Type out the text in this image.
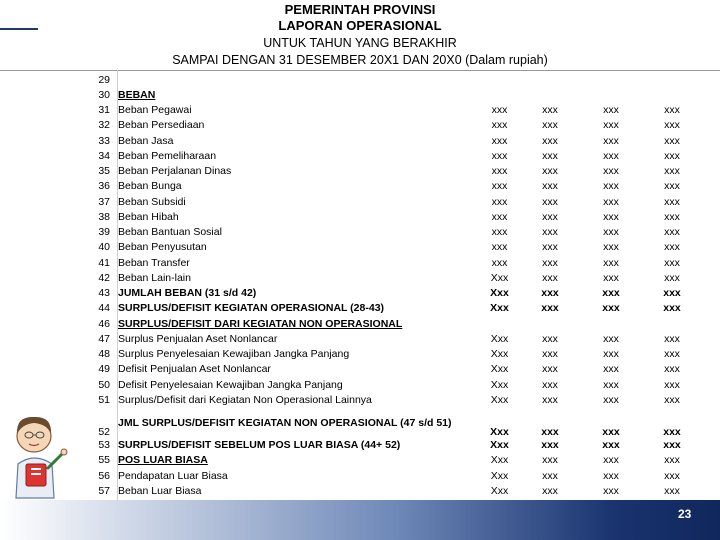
PEMERINTAH PROVINSI
LAPORAN OPERASIONAL
UNTUK TAHUN YANG BERAKHIR
SAMPAI DENGAN 31 DESEMBER 20X1 DAN 20X0 (Dalam rupiah)
29					
30	BEBAN				
31	Beban Pegawai	xxx	xxx	xxx	xxx
32	Beban Persediaan	xxx	xxx	xxx	xxx
33	Beban Jasa	xxx	xxx	xxx	xxx
34	Beban Pemeliharaan	xxx	xxx	xxx	xxx
35	Beban Perjalanan Dinas	xxx	xxx	xxx	xxx
36	Beban Bunga	xxx	xxx	xxx	xxx
37	Beban Subsidi	xxx	xxx	xxx	xxx
38	Beban Hibah	xxx	xxx	xxx	xxx
39	Beban Bantuan Sosial	xxx	xxx	xxx	xxx
40	Beban Penyusutan	xxx	xxx	xxx	xxx
41	Beban Transfer	xxx	xxx	xxx	xxx
42	Beban Lain-lain	Xxx	xxx	xxx	xxx
43	JUMLAH BEBAN (31 s/d 42)	Xxx	xxx	xxx	xxx
44	SURPLUS/DEFISIT KEGIATAN OPERASIONAL (28-43)	Xxx	xxx	xxx	xxx
46	SURPLUS/DEFISIT DARI KEGIATAN NON OPERASIONAL				
47	Surplus Penjualan Aset Nonlancar	Xxx	xxx	xxx	xxx
48	Surplus Penyelesaian Kewajiban Jangka Panjang	Xxx	xxx	xxx	xxx
49	Defisit Penjualan Aset Nonlancar	Xxx	xxx	xxx	xxx
50	Defisit Penyelesaian Kewajiban Jangka Panjang	Xxx	xxx	xxx	xxx
51	Surplus/Defisit dari Kegiatan Non Operasional Lainnya	Xxx	xxx	xxx	xxx
52	JML SURPLUS/DEFISIT KEGIATAN NON OPERASIONAL (47 s/d 51)	Xxx	xxx	xxx	xxx
53	SURPLUS/DEFISIT SEBELUM POS LUAR BIASA (44+ 52)	Xxx	xxx	xxx	xxx
55	POS LUAR BIASA	Xxx	xxx	xxx	xxx
56	Pendapatan Luar Biasa	Xxx	xxx	xxx	xxx
57	Beban Luar Biasa	Xxx	xxx	xxx	xxx
23
